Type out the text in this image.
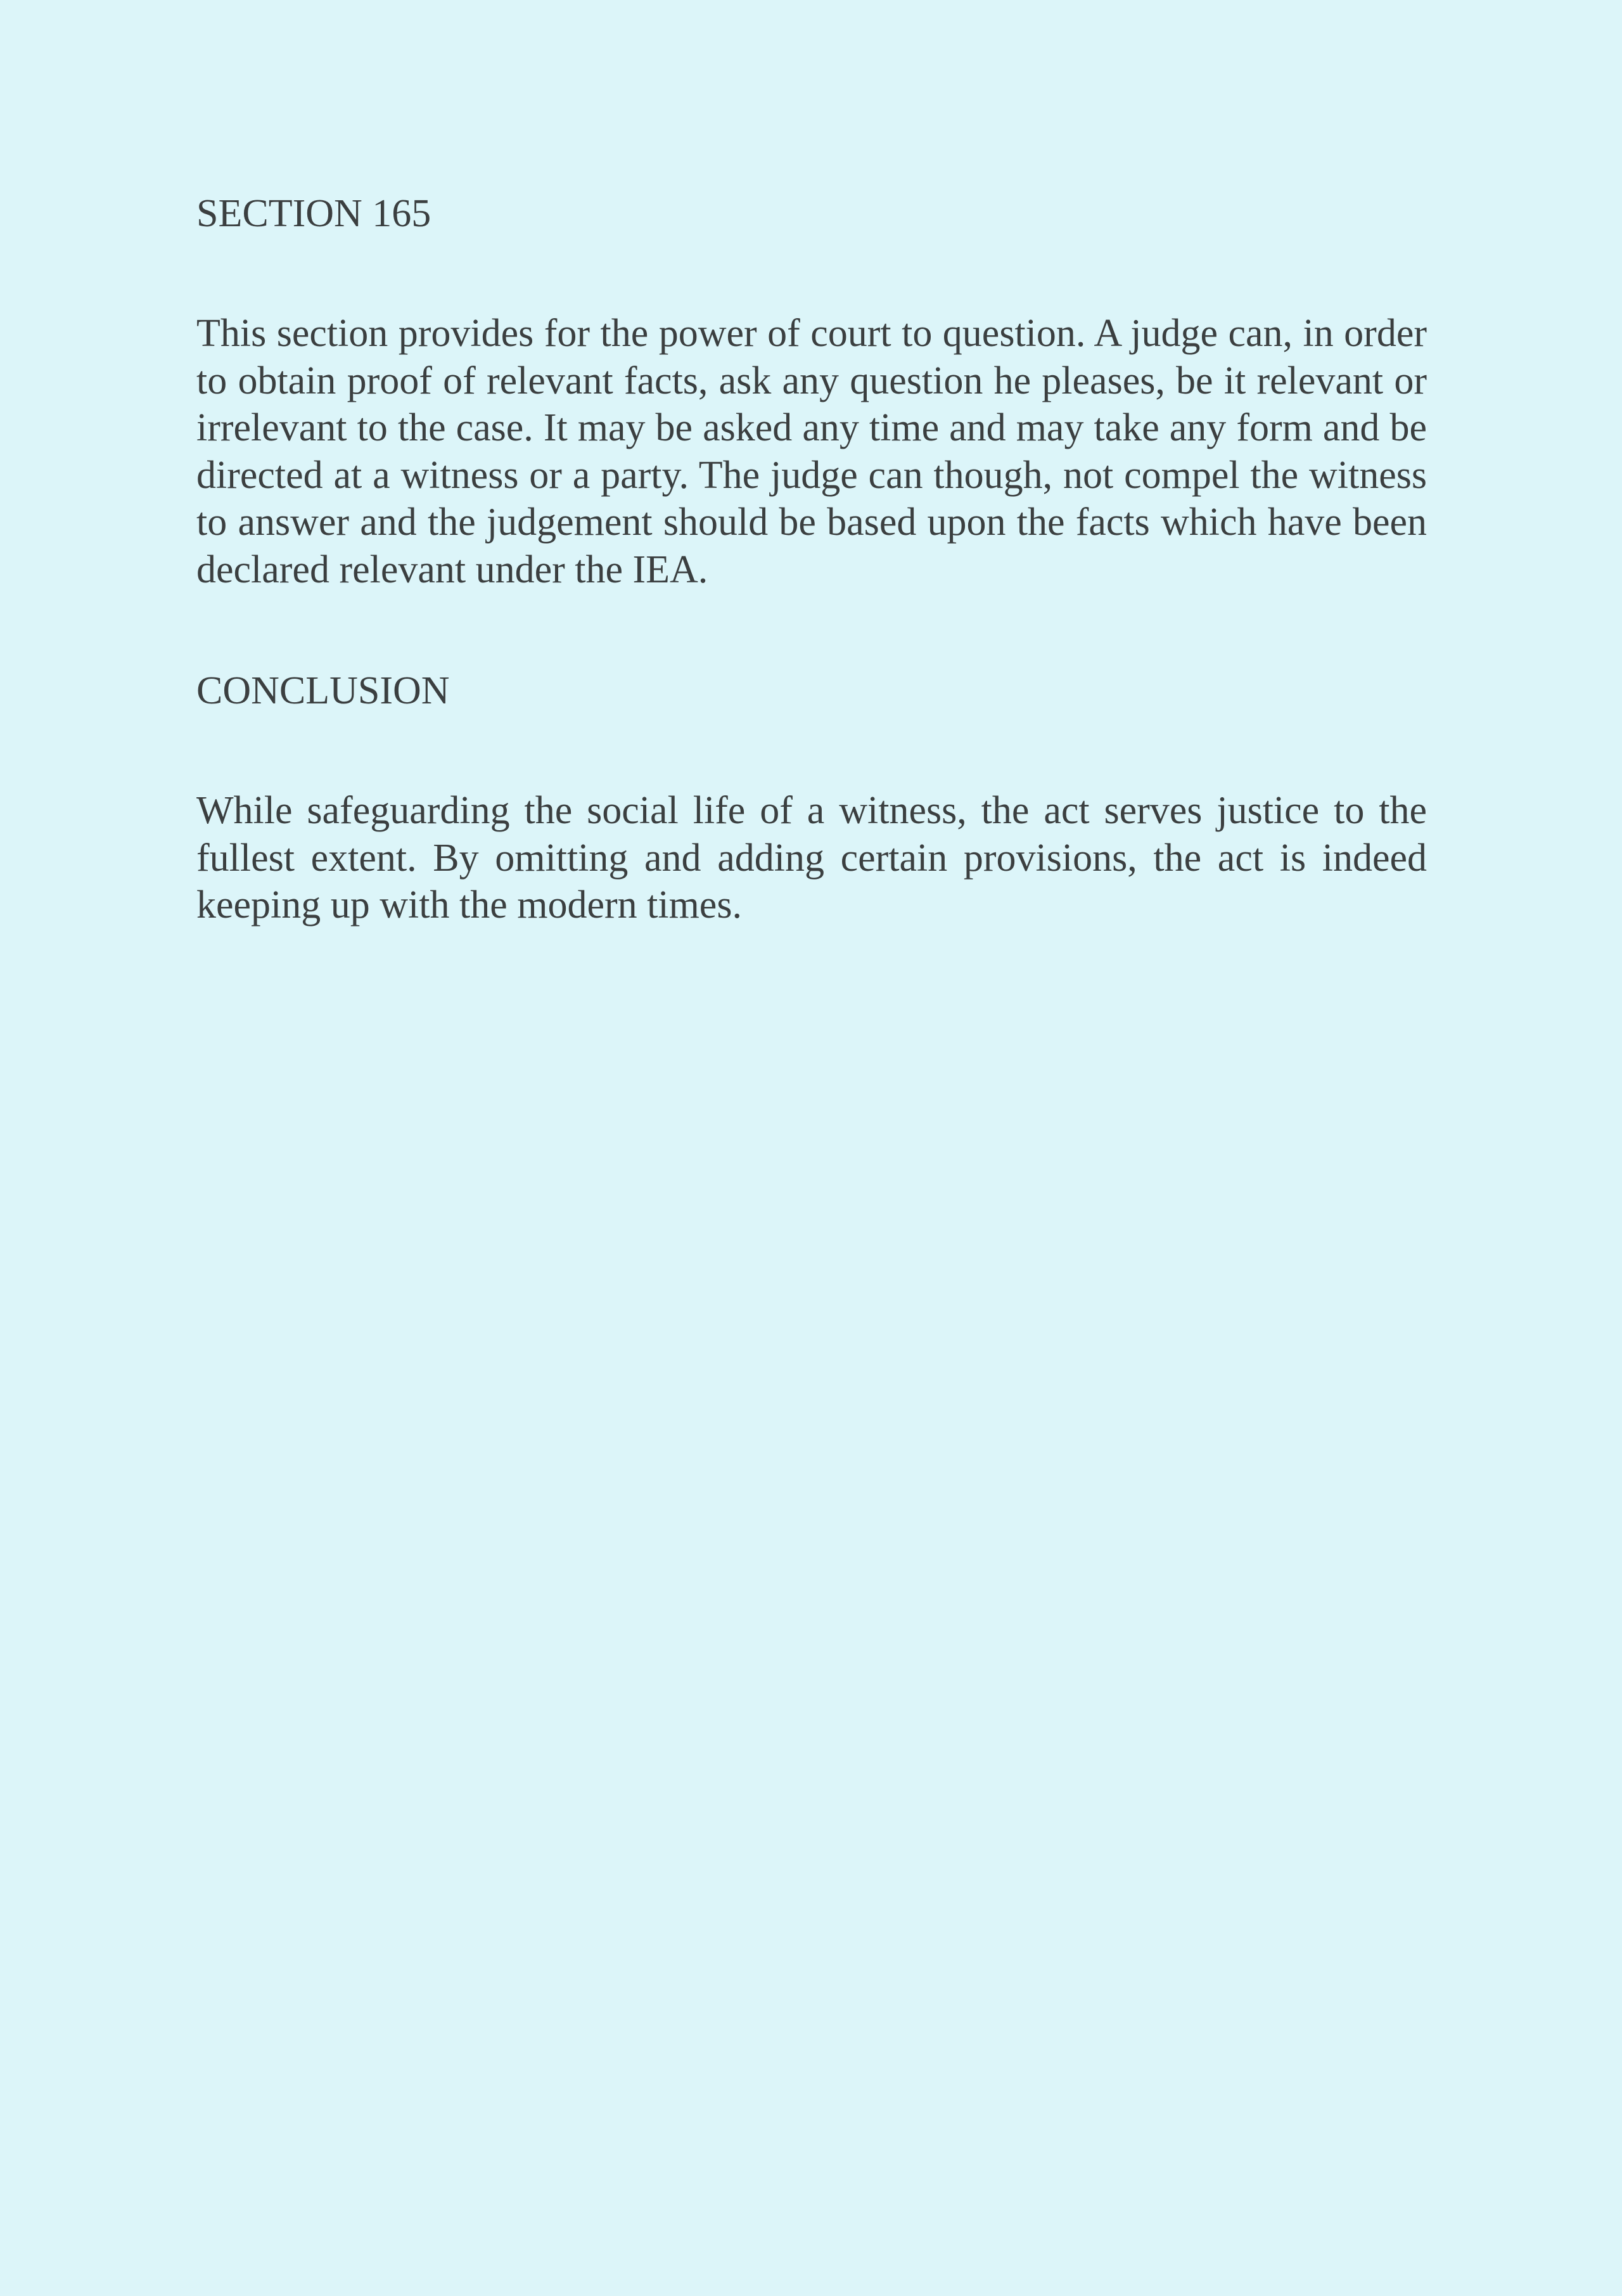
SECTION 165

This section provides for the power of court to question. A judge can, in order to obtain proof of relevant facts, ask any question he pleases, be it relevant or irrelevant to the case. It may be asked any time and may take any form and be directed at a witness or a party. The judge can though, not compel the witness to answer and the judgement should be based upon the facts which have been declared relevant under the IEA.

CONCLUSION

While safeguarding the social life of a witness, the act serves justice to the fullest extent. By omitting and adding certain provisions, the act is indeed keeping up with the modern times.
